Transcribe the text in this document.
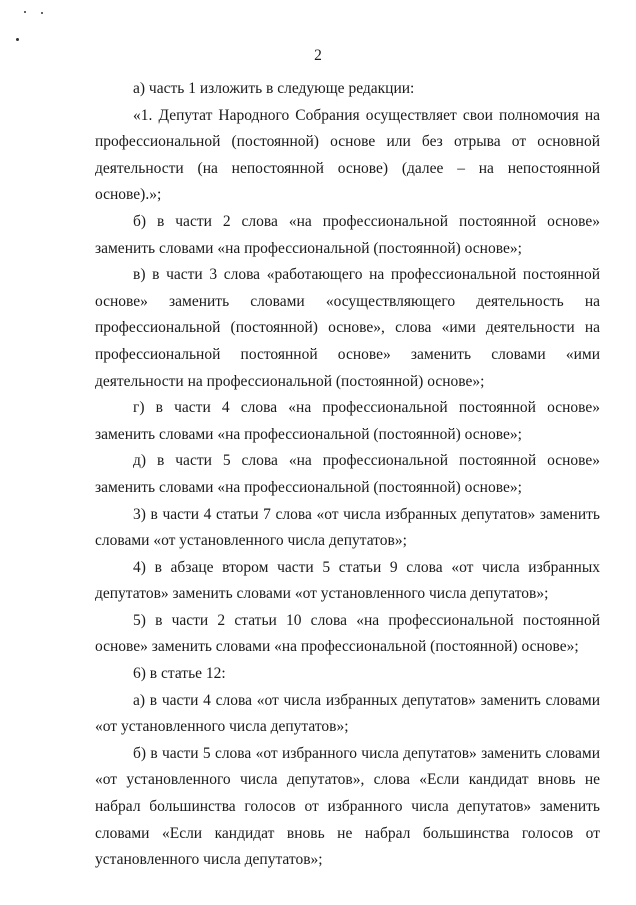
2

а) часть 1 изложить в следующе редакции:

«1. Депутат Народного Собрания осуществляет свои полномочия на профессиональной (постоянной) основе или без отрыва от основной деятельности (на непостоянной основе) (далее – на непостоянной основе).»;

б) в части 2 слова «на профессиональной постоянной основе» заменить словами «на профессиональной (постоянной) основе»;

в) в части 3 слова «работающего на профессиональной постоянной основе» заменить словами «осуществляющего деятельность на профессиональной (постоянной) основе», слова «ими деятельности на профессиональной постоянной основе» заменить словами «ими деятельности на профессиональной (постоянной) основе»;

г) в части 4 слова «на профессиональной постоянной основе» заменить словами «на профессиональной (постоянной) основе»;

д) в части 5 слова «на профессиональной постоянной основе» заменить словами «на профессиональной (постоянной) основе»;

3) в части 4 статьи 7 слова «от числа избранных депутатов» заменить словами «от установленного числа депутатов»;

4) в абзаце втором части 5 статьи 9 слова «от числа избранных депутатов» заменить словами «от установленного числа депутатов»;

5) в части 2 статьи 10 слова «на профессиональной постоянной основе» заменить словами «на профессиональной (постоянной) основе»;

6) в статье 12:

а) в части 4 слова «от числа избранных депутатов» заменить словами «от установленного числа депутатов»;

б) в части 5 слова «от избранного числа депутатов» заменить словами «от установленного числа депутатов», слова «Если кандидат вновь не набрал большинства голосов от избранного числа депутатов» заменить словами «Если кандидат вновь не набрал большинства голосов от установленного числа депутатов»;
